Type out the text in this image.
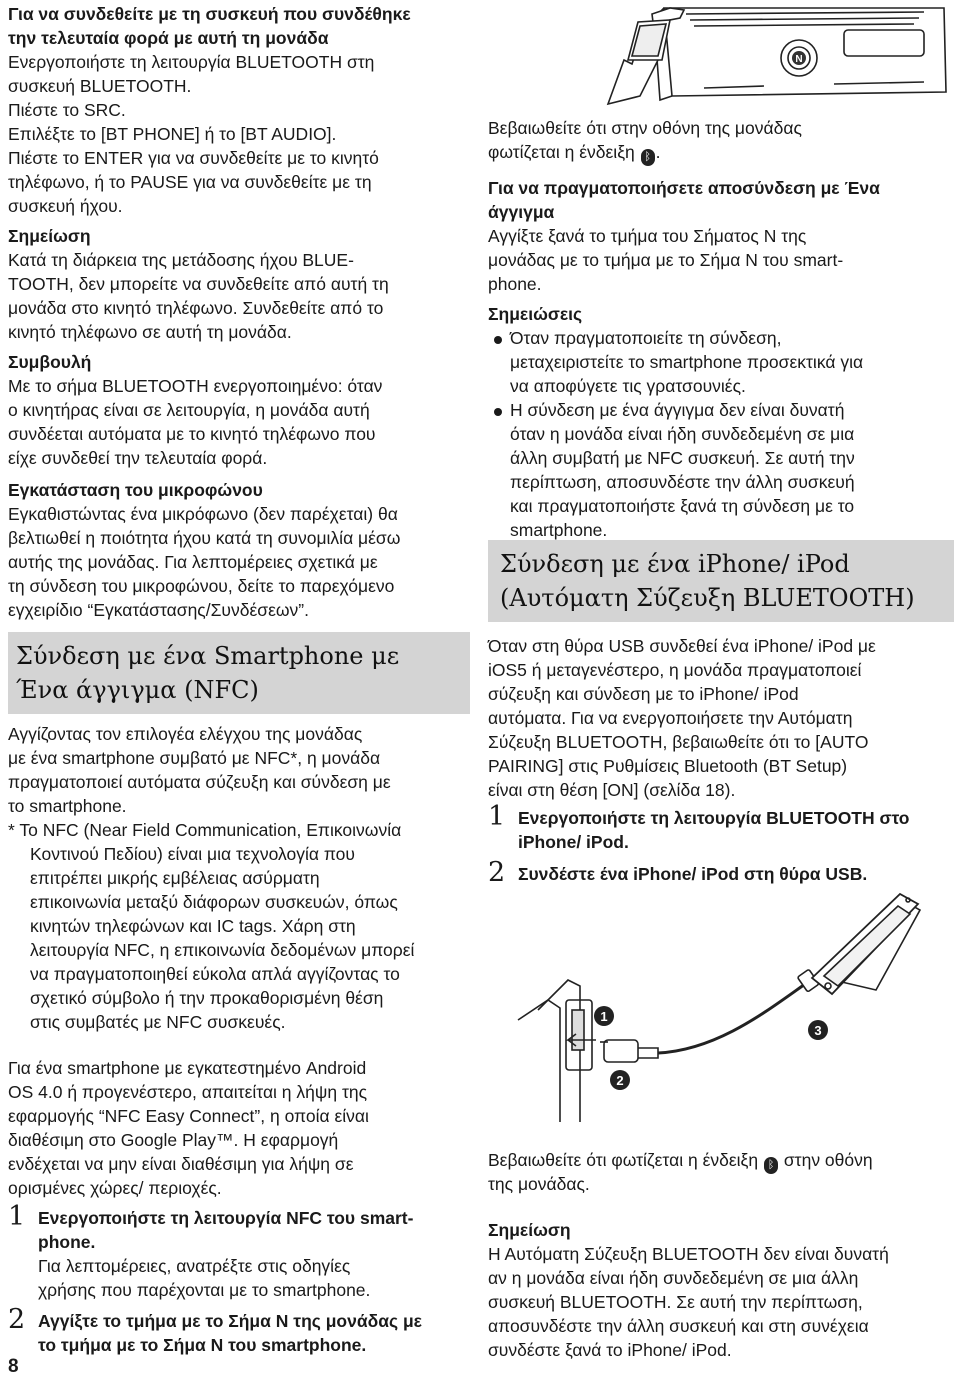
Για να συνδεθείτε με τη συσκευή που συνδέθηκε
την τελευταία φορά με αυτή τη μονάδα
Ενεργοποιήστε τη λειτουργία BLUETOOTH στη
συσκευή BLUETOOTH.
Πιέστε το SRC.
Επιλέξτε το [BT PHONE] ή το [BT AUDIO].
Πιέστε το ENTER για να συνδεθείτε με το κινητό
τηλέφωνο, ή το PAUSE για να συνδεθείτε με τη
συσκευή ήχου.
Σημείωση
Κατά τη διάρκεια της μετάδοσης ήχου BLUE-
TOOTH, δεν μπορείτε να συνδεθείτε από αυτή τη
μονάδα στο κινητό τηλέφωνο. Συνδεθείτε από το
κινητό τηλέφωνο σε αυτή τη μονάδα.
Συμβουλή
Με το σήμα BLUETOOTH ενεργοποιημένο: όταν
ο κινητήρας είναι σε λειτουργία, η μονάδα αυτή
συνδέεται αυτόματα με το κινητό τηλέφωνο που
είχε συνδεθεί την τελευταία φορά.
Εγκατάσταση του μικροφώνου
Εγκαθιστώντας ένα μικρόφωνο (δεν παρέχεται) θα
βελτιωθεί η ποιότητα ήχου κατά τη συνομιλία μέσω
αυτής της μονάδας. Για λεπτομέρειες σχετικά με
τη σύνδεση του μικροφώνου, δείτε το παρεχόμενο
εγχειρίδιο “Εγκατάστασης/Συνδέσεων”.
Σύνδεση με ένα Smartphone με
Ένα άγγιγμα (NFC)
Αγγίζοντας τον επιλογέα ελέγχου της μονάδας
με ένα smartphone συμβατό με NFC*, η μονάδα
πραγματοποιεί αυτόματα σύζευξη και σύνδεση με
το smartphone.
* Το NFC (Near Field Communication, Επικοινωνία
Κοντινού Πεδίου) είναι μια τεχνολογία που
επιτρέπει μικρής εμβέλειας ασύρματη
επικοινωνία μεταξύ διάφορων συσκευών, όπως
κινητών τηλεφώνων και IC tags. Χάρη στη
λειτουργία NFC, η επικοινωνία δεδομένων μπορεί
να πραγματοποιηθεί εύκολα απλά αγγίζοντας το
σχετικό σύμβολο ή την προκαθορισμένη θέση
στις συμβατές με NFC συσκευές.
Για ένα smartphone με εγκατεστημένο Android
OS 4.0 ή προγενέστερο, απαιτείται η λήψη της
εφαρμογής “NFC Easy Connect”, η οποία είναι
διαθέσιμη στο Google Play™. Η εφαρμογή
ενδέχεται να μην είναι διαθέσιμη για λήψη σε
ορισμένες χώρες/ περιοχές.
1 Ενεργοποιήστε τη λειτουργία NFC του smart-
phone.
Για λεπτομέρειες, ανατρέξτε στις οδηγίες
χρήσης που παρέχονται με το smartphone.
2 Αγγίξτε το τμήμα με το Σήμα N της μονάδας με
το τμήμα με το Σήμα N του smartphone.
8
N
Βεβαιωθείτε ότι στην οθόνη της μονάδας
φωτίζεται η ένδειξη ᛒ .
Για να πραγματοποιήσετε αποσύνδεση με Ένα
άγγιγμα
Αγγίξτε ξανά το τμήμα του Σήματος N της
μονάδας με το τμήμα με το Σήμα N του smart-
phone.
Σημειώσεις
Όταν πραγματοποιείτε τη σύνδεση,
μεταχειριστείτε το smartphone προσεκτικά για
να αποφύγετε τις γρατσουνιές.
Η σύνδεση με ένα άγγιγμα δεν είναι δυνατή
όταν η μονάδα είναι ήδη συνδεδεμένη σε μια
άλλη συμβατή με NFC συσκευή. Σε αυτή την
περίπτωση, αποσυνδέστε την άλλη συσκευή
και πραγματοποιήστε ξανά τη σύνδεση με το
smartphone.
Σύνδεση με ένα iPhone/ iPod
(Αυτόματη Σύζευξη BLUETOOTH)
Όταν στη θύρα USB συνδεθεί ένα iPhone/ iPod με
iOS5 ή μεταγενέστερο, η μονάδα πραγματοποιεί
σύζευξη και σύνδεση με το iPhone/ iPod
αυτόματα. Για να ενεργοποιήσετε την Αυτόματη
Σύζευξη BLUETOOTH, βεβαιωθείτε ότι το [AUTO
PAIRING] στις Ρυθμίσεις Bluetooth (BT Setup)
είναι στη θέση [ON] (σελίδα 18).
1 Ενεργοποιήστε τη λειτουργία BLUETOOTH στο
iPhone/ iPod.
2 Συνδέστε ένα iPhone/ iPod στη θύρα USB.
1
2
3
Βεβαιωθείτε ότι φωτίζεται η ένδειξη ᛒ στην οθόνη
της μονάδας.
Σημείωση
Η Αυτόματη Σύζευξη BLUETOOTH δεν είναι δυνατή
αν η μονάδα είναι ήδη συνδεδεμένη σε μια άλλη
συσκευή BLUETOOTH. Σε αυτή την περίπτωση,
αποσυνδέστε την άλλη συσκευή και στη συνέχεια
συνδέστε ξανά το iPhone/ iPod.
